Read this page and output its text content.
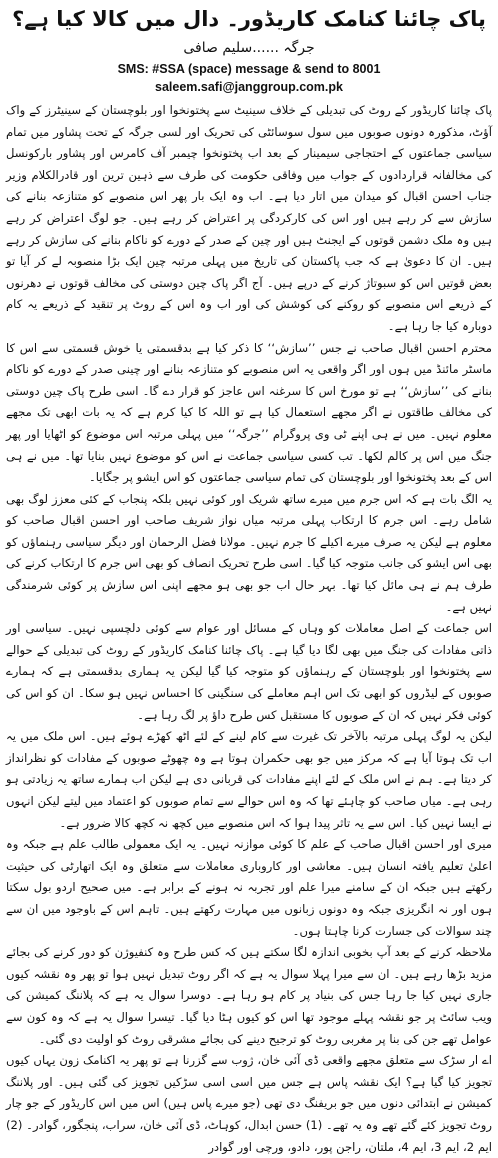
پاک چائنا کنامک کاریڈور۔ دال میں کالا کیا ہے؟
جرگہ ......سلیم صافی
SMS: #SSA (space) message & send to 8001
saleem.safi@janggroup.com.pk

پاک چائنا کاریڈور کے روٹ کی تبدیلی کے خلاف سینیٹ سے پختونخوا اور بلوچستان کے سینیٹرز کے واک آؤٹ، مذکورہ دونوں صوبوں میں سول سوسائٹی کی تحریک اور لسی جرگہ کے تحت پشاور میں تمام سیاسی جماعتوں کے احتجاجی سیمینار کے بعد اب پختونخوا چیمبر آف کامرس اور پشاور بارکونسل کی مخالفانہ قراردادوں کے جواب میں وفاقی حکومت کی طرف سے ذہین ترین اور قادرالکلام وزیر جناب احسن اقبال کو میدان میں اتار دیا ہے۔ اب وہ ایک بار پھر اس منصوبے کو متنازعہ بنانے کی سازش سے کر رہے ہیں اور اس کی کارکردگی پر اعتراض کر رہے ہیں۔ جو لوگ اعتراض کر رہے ہیں وہ ملک دشمن قوتوں کے ایجنٹ ہیں اور چین کے صدر کے دورے کو ناکام بنانے کی سازش کر رہے ہیں۔ ان کا دعویٰ ہے کہ جب پاکستان کی تاریخ میں پہلی مرتبہ چین ایک بڑا منصوبہ لے کر آیا تو بعض قوتیں اس کو سبوتاژ کرنے کے درپے ہیں۔ آج اگر پاک چین دوستی کی مخالف قوتوں نے دھرنوں کے ذریعے اس منصوبے کو روکنے کی کوشش کی اور اب وہ اس کے روٹ پر تنقید کے ذریعے یہ کام دوبارہ کیا جا رہا ہے۔

محترم احسن اقبال صاحب نے جس ’’سازش‘‘ کا ذکر کیا ہے بدقسمتی یا خوش قسمتی سے اس کا ماسٹر مائنڈ میں ہوں اور اگر واقعی یہ اس منصوبے کو متنازعہ بنانے اور چینی صدر کے دورے کو ناکام بنانے کی ’’سازش‘‘ ہے تو مورخ اس کا سرغنہ اس عاجز کو قرار دے گا۔ اسی طرح پاک چین دوستی کی مخالف طاقتوں نے اگر مجھے استعمال کیا ہے تو اللہ کا کیا کرم ہے کہ یہ بات ابھی تک مجھے معلوم نہیں۔ میں نے ہی اپنے ٹی وی پروگرام ’’جرگہ‘‘ میں پہلی مرتبہ اس موضوع کو اٹھایا اور پھر جنگ میں اس پر کالم لکھا۔ تب کسی سیاسی جماعت نے اس کو موضوع نہیں بنایا تھا۔ میں نے ہی اس کے بعد پختونخوا اور بلوچستان کی تمام سیاسی جماعتوں کو اس ایشو پر جگایا۔

یہ الگ بات ہے کہ اس جرم میں میرے ساتھ شریک اور کوئی نہیں بلکہ پنجاب کے کئی معزز لوگ بھی شامل رہے۔ اس جرم کا ارتکاب پہلی مرتبہ میاں نواز شریف صاحب اور احسن اقبال صاحب کو معلوم ہے لیکن یہ صرف میرے اکیلے کا جرم نہیں۔ مولانا فضل الرحمان اور دیگر سیاسی رہنماؤں کو بھی اس ایشو کی جانب متوجہ کیا گیا۔ اسی طرح تحریک انصاف کو بھی اس جرم کا ارتکاب کرنے کی طرف ہم نے ہی مائل کیا تھا۔ بہر حال اب جو بھی ہو مجھے اپنی اس سازش پر کوئی شرمندگی نہیں ہے۔

اس جماعت کے اصل معاملات کو وہاں کے مسائل اور عوام سے کوئی دلچسپی نہیں۔ سیاسی اور ذاتی مفادات کی جنگ میں بھی لگا دیا گیا ہے۔ پاک چائنا کنامک کاریڈور کے روٹ کی تبدیلی کے حوالے سے پختونخوا اور بلوچستان کے رہنماؤں کو متوجہ کیا گیا لیکن یہ ہماری بدقسمتی ہے کہ ہمارے صوبوں کے لیڈروں کو ابھی تک اس اہم معاملے کی سنگینی کا احساس نہیں ہو سکا۔ ان کو اس کی کوئی فکر نہیں کہ ان کے صوبوں کا مستقبل کس طرح داؤ پر لگ رہا ہے۔

لیکن یہ لوگ پہلی مرتبہ بالآخر تک غیرت سے کام لینے کے لئے اٹھ کھڑے ہوئے ہیں۔ اس ملک میں یہ اب تک ہوتا آیا ہے کہ مرکز میں جو بھی حکمران ہوتا ہے وہ چھوٹے صوبوں کے مفادات کو نظرانداز کر دیتا ہے۔ ہم نے اس ملک کے لئے اپنے مفادات کی قربانی دی ہے لیکن اب ہمارے ساتھ یہ زیادتی ہو رہی ہے۔ میاں صاحب کو چاہئے تھا کہ وہ اس حوالے سے تمام صوبوں کو اعتماد میں لیتے لیکن انہوں نے ایسا نہیں کیا۔ اس سے یہ تاثر پیدا ہوا کہ اس منصوبے میں کچھ نہ کچھ کالا ضرور ہے۔

میری اور احسن اقبال صاحب کے علم کا کوئی موازنہ نہیں۔ یہ ایک معمولی طالب علم ہے جبکہ وہ اعلیٰ تعلیم یافتہ انسان ہیں۔ معاشی اور کاروباری معاملات سے متعلق وہ ایک اتھارٹی کی حیثیت رکھتے ہیں جبکہ ان کے سامنے میرا علم اور تجربہ نہ ہونے کے برابر ہے۔ میں صحیح اردو بول سکتا ہوں اور نہ انگریزی جبکہ وہ دونوں زبانوں میں مہارت رکھتے ہیں۔ تاہم اس کے باوجود میں ان سے چند سوالات کی جسارت کرنا چاہتا ہوں۔

ملاحظہ کرنے کے بعد آپ بخوبی اندازہ لگا سکتے ہیں کہ کس طرح وہ کنفیوژن کو دور کرنے کی بجائے مزید بڑھا رہے ہیں۔ ان سے میرا پہلا سوال یہ ہے کہ اگر روٹ تبدیل نہیں ہوا تو پھر وہ نقشہ کیوں جاری نہیں کیا جا رہا جس کی بنیاد پر کام ہو رہا ہے۔ دوسرا سوال یہ ہے کہ پلاننگ کمیشن کی ویب سائٹ پر جو نقشہ پہلے موجود تھا اس کو کیوں ہٹا دیا گیا۔ تیسرا سوال یہ ہے کہ وہ کون سے عوامل تھے جن کی بنا پر مغربی روٹ کو ترجیح دینے کی بجائے مشرقی روٹ کو اولیت دی گئی۔

اے ار سڑک سے متعلق مجھے واقعی ڈی آئی خان، ژوب سے گزرنا ہے تو پھر یہ اکنامک زون یہاں کیوں تجویز کیا گیا ہے؟ ایک نقشہ پاس ہے جس میں اسی اسی سڑکیں تجویز کی گئی ہیں۔ اور پلاننگ کمیشن نے ابتدائی دنوں میں جو بریفنگ دی تھی (جو میرے پاس ہیں) اس میں اس کاریڈور کے جو چار روٹ تجویز کئے گئے تھے وہ یہ تھے۔ (1) حسن ابدال، کوہاٹ، ڈی آئی خان، سراب، پنجگور، گوادر۔ (2) ایم 2، ایم 3، ایم 4، ملتان، راجن پور، دادو، ورچی اور گوادر
